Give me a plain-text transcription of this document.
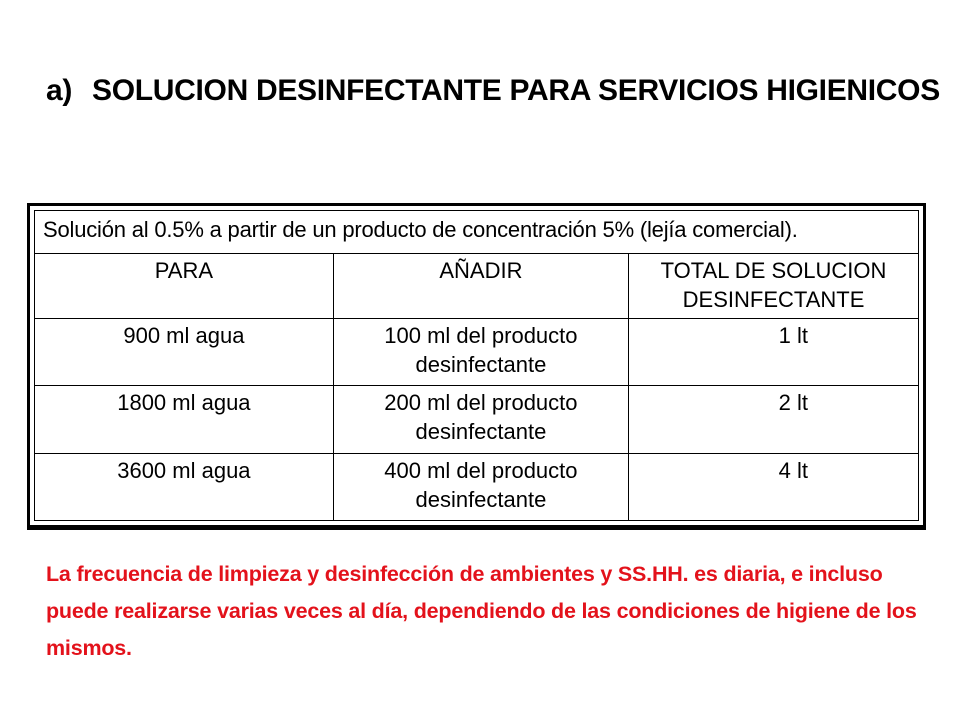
a) SOLUCION DESINFECTANTE PARA SERVICIOS HIGIENICOS
Solución al 0.5% a partir de un producto de concentración 5% (lejía comercial).		
PARA	AÑADIR	TOTAL DE SOLUCION DESINFECTANTE
900 ml agua	100 ml del producto desinfectante	1 lt
1800 ml agua	200 ml del producto desinfectante	2 lt
3600 ml agua	400 ml del producto desinfectante	4 lt
La frecuencia de limpieza y desinfección de ambientes y SS.HH. es diaria, e incluso puede realizarse varias veces al día, dependiendo de las condiciones de higiene de los mismos.
